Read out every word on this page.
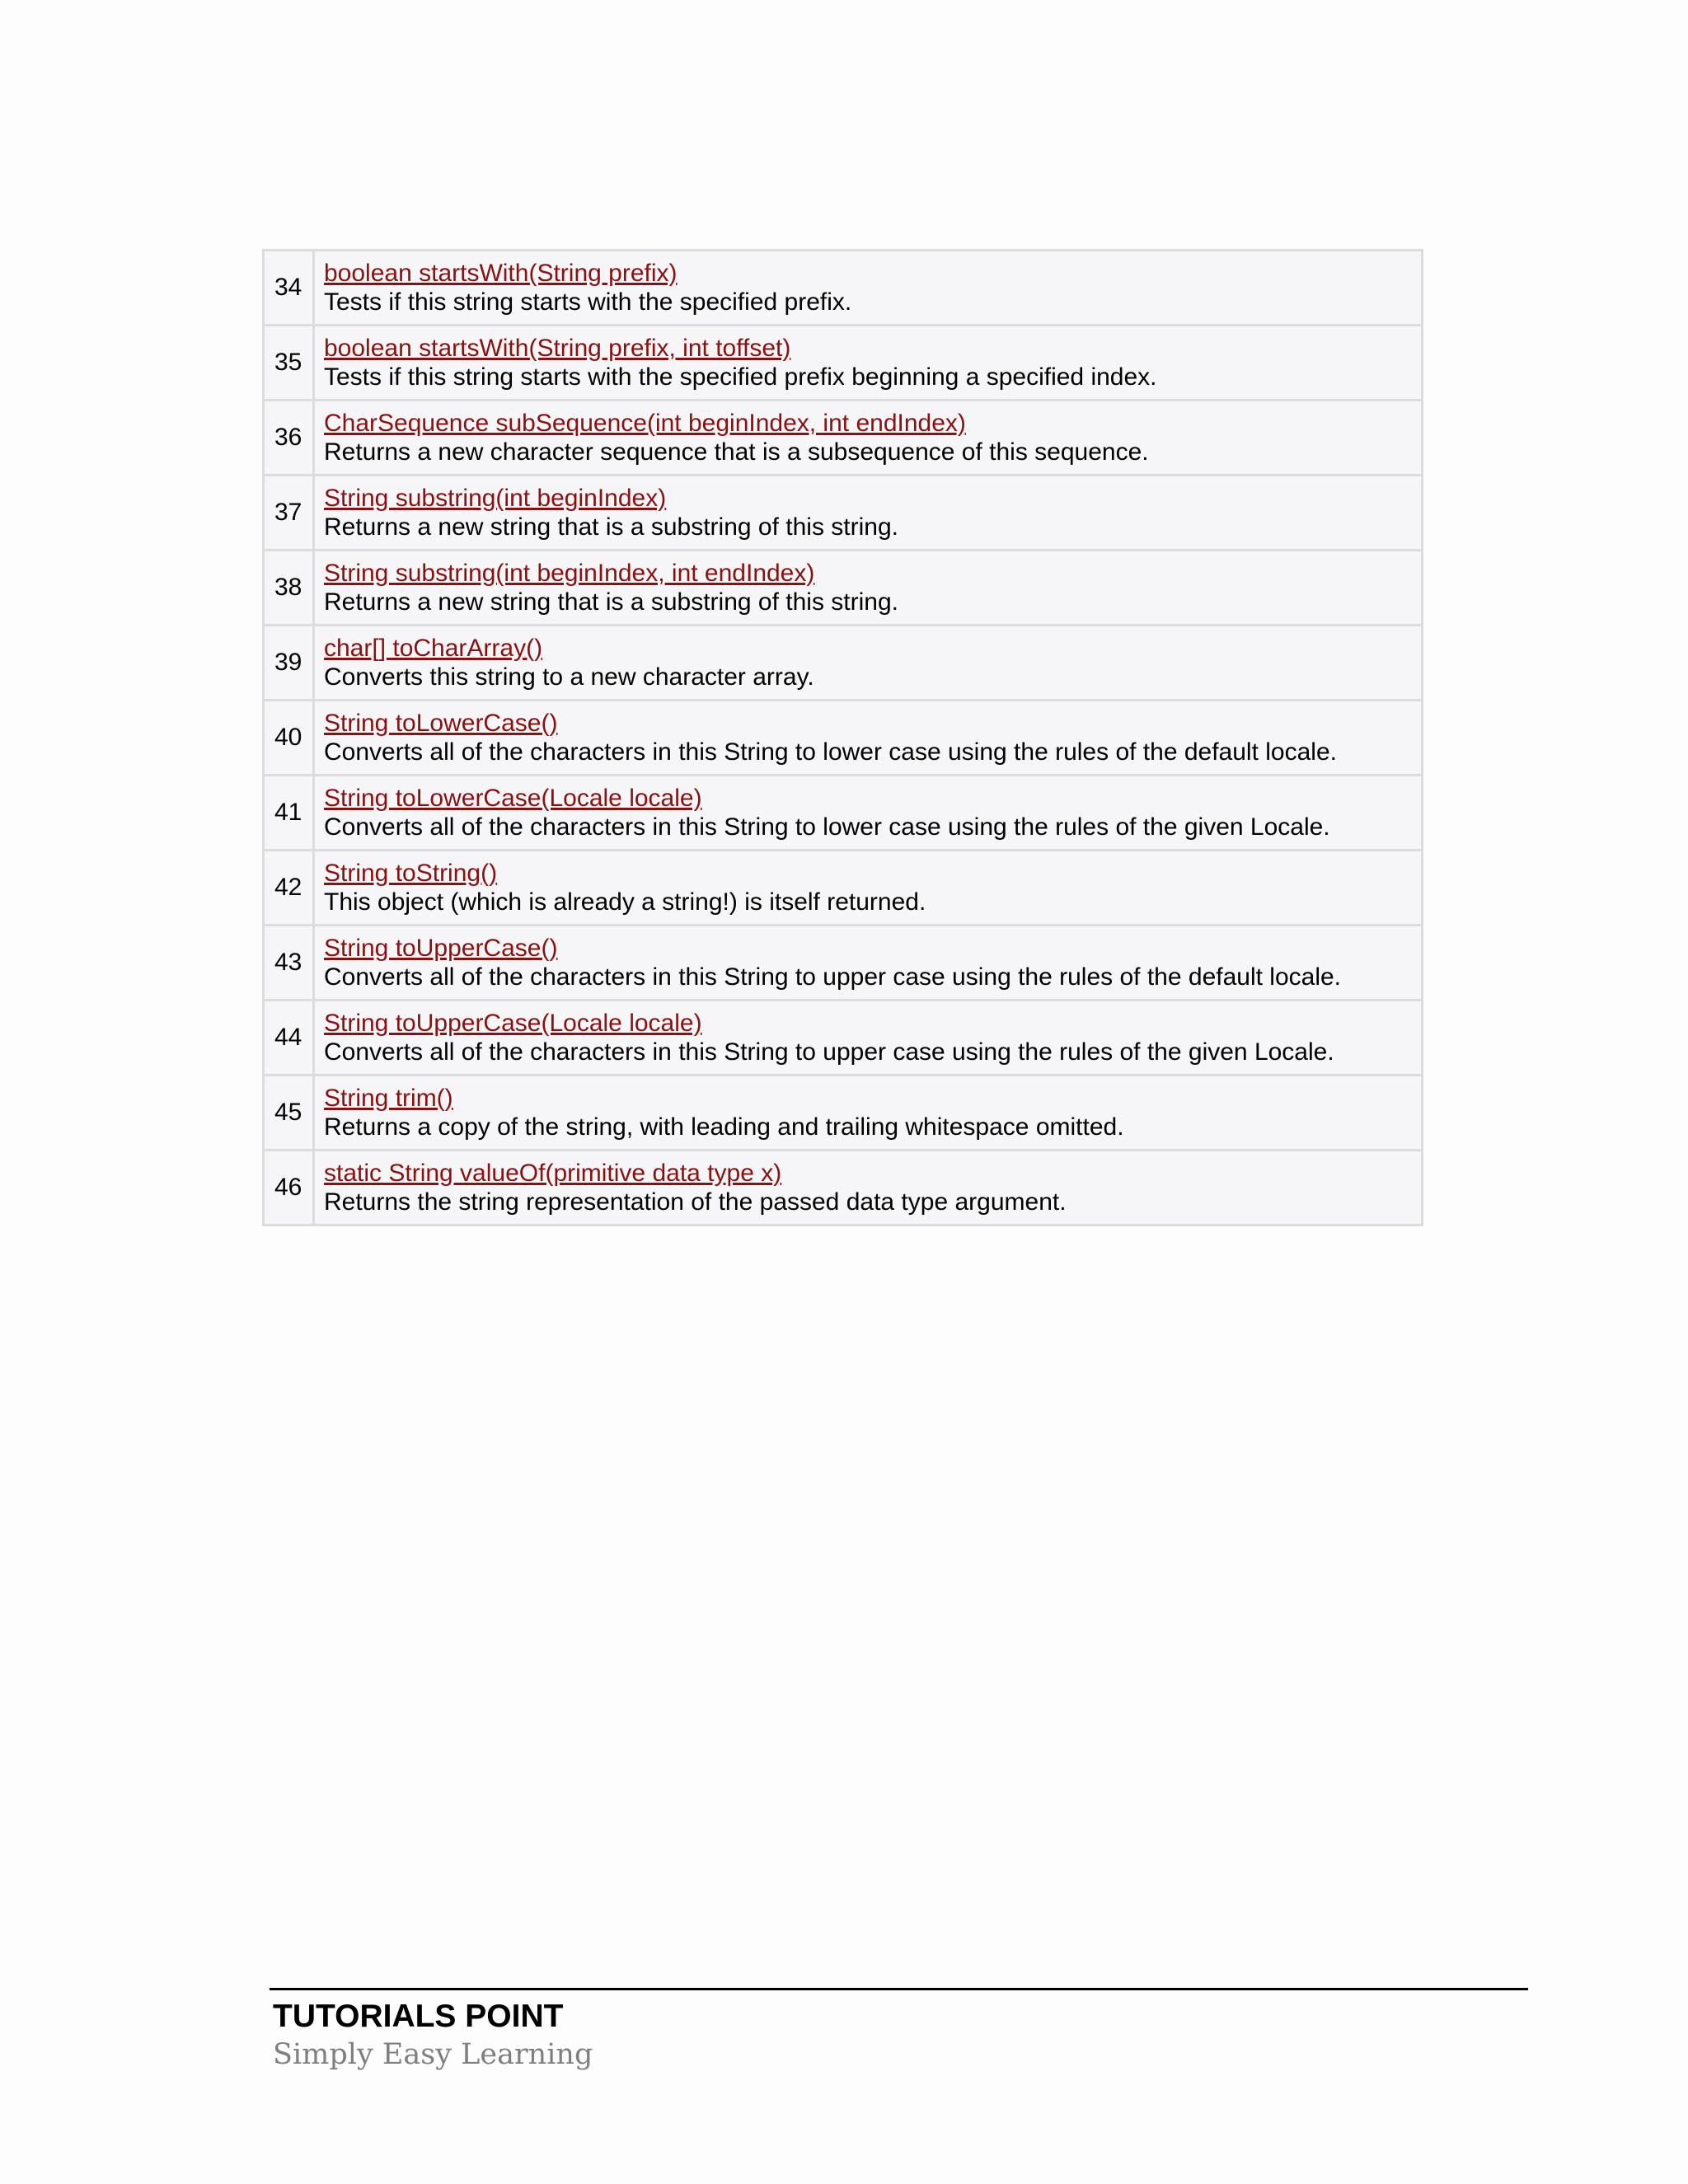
34	boolean startsWith(String prefix)
Tests if this string starts with the specified prefix.

35	boolean startsWith(String prefix, int toffset)
Tests if this string starts with the specified prefix beginning a specified index.

36	CharSequence subSequence(int beginIndex, int endIndex)
Returns a new character sequence that is a subsequence of this sequence.

37	String substring(int beginIndex)
Returns a new string that is a substring of this string.

38	String substring(int beginIndex, int endIndex)
Returns a new string that is a substring of this string.

39	char[] toCharArray()
Converts this string to a new character array.

40	String toLowerCase()
Converts all of the characters in this String to lower case using the rules of the default locale.

41	String toLowerCase(Locale locale)
Converts all of the characters in this String to lower case using the rules of the given Locale.

42	String toString()
This object (which is already a string!) is itself returned.

43	String toUpperCase()
Converts all of the characters in this String to upper case using the rules of the default locale.

44	String toUpperCase(Locale locale)
Converts all of the characters in this String to upper case using the rules of the given Locale.

45	String trim()
Returns a copy of the string, with leading and trailing whitespace omitted.

46	static String valueOf(primitive data type x)
Returns the string representation of the passed data type argument.
TUTORIALS POINT
Simply Easy Learning
